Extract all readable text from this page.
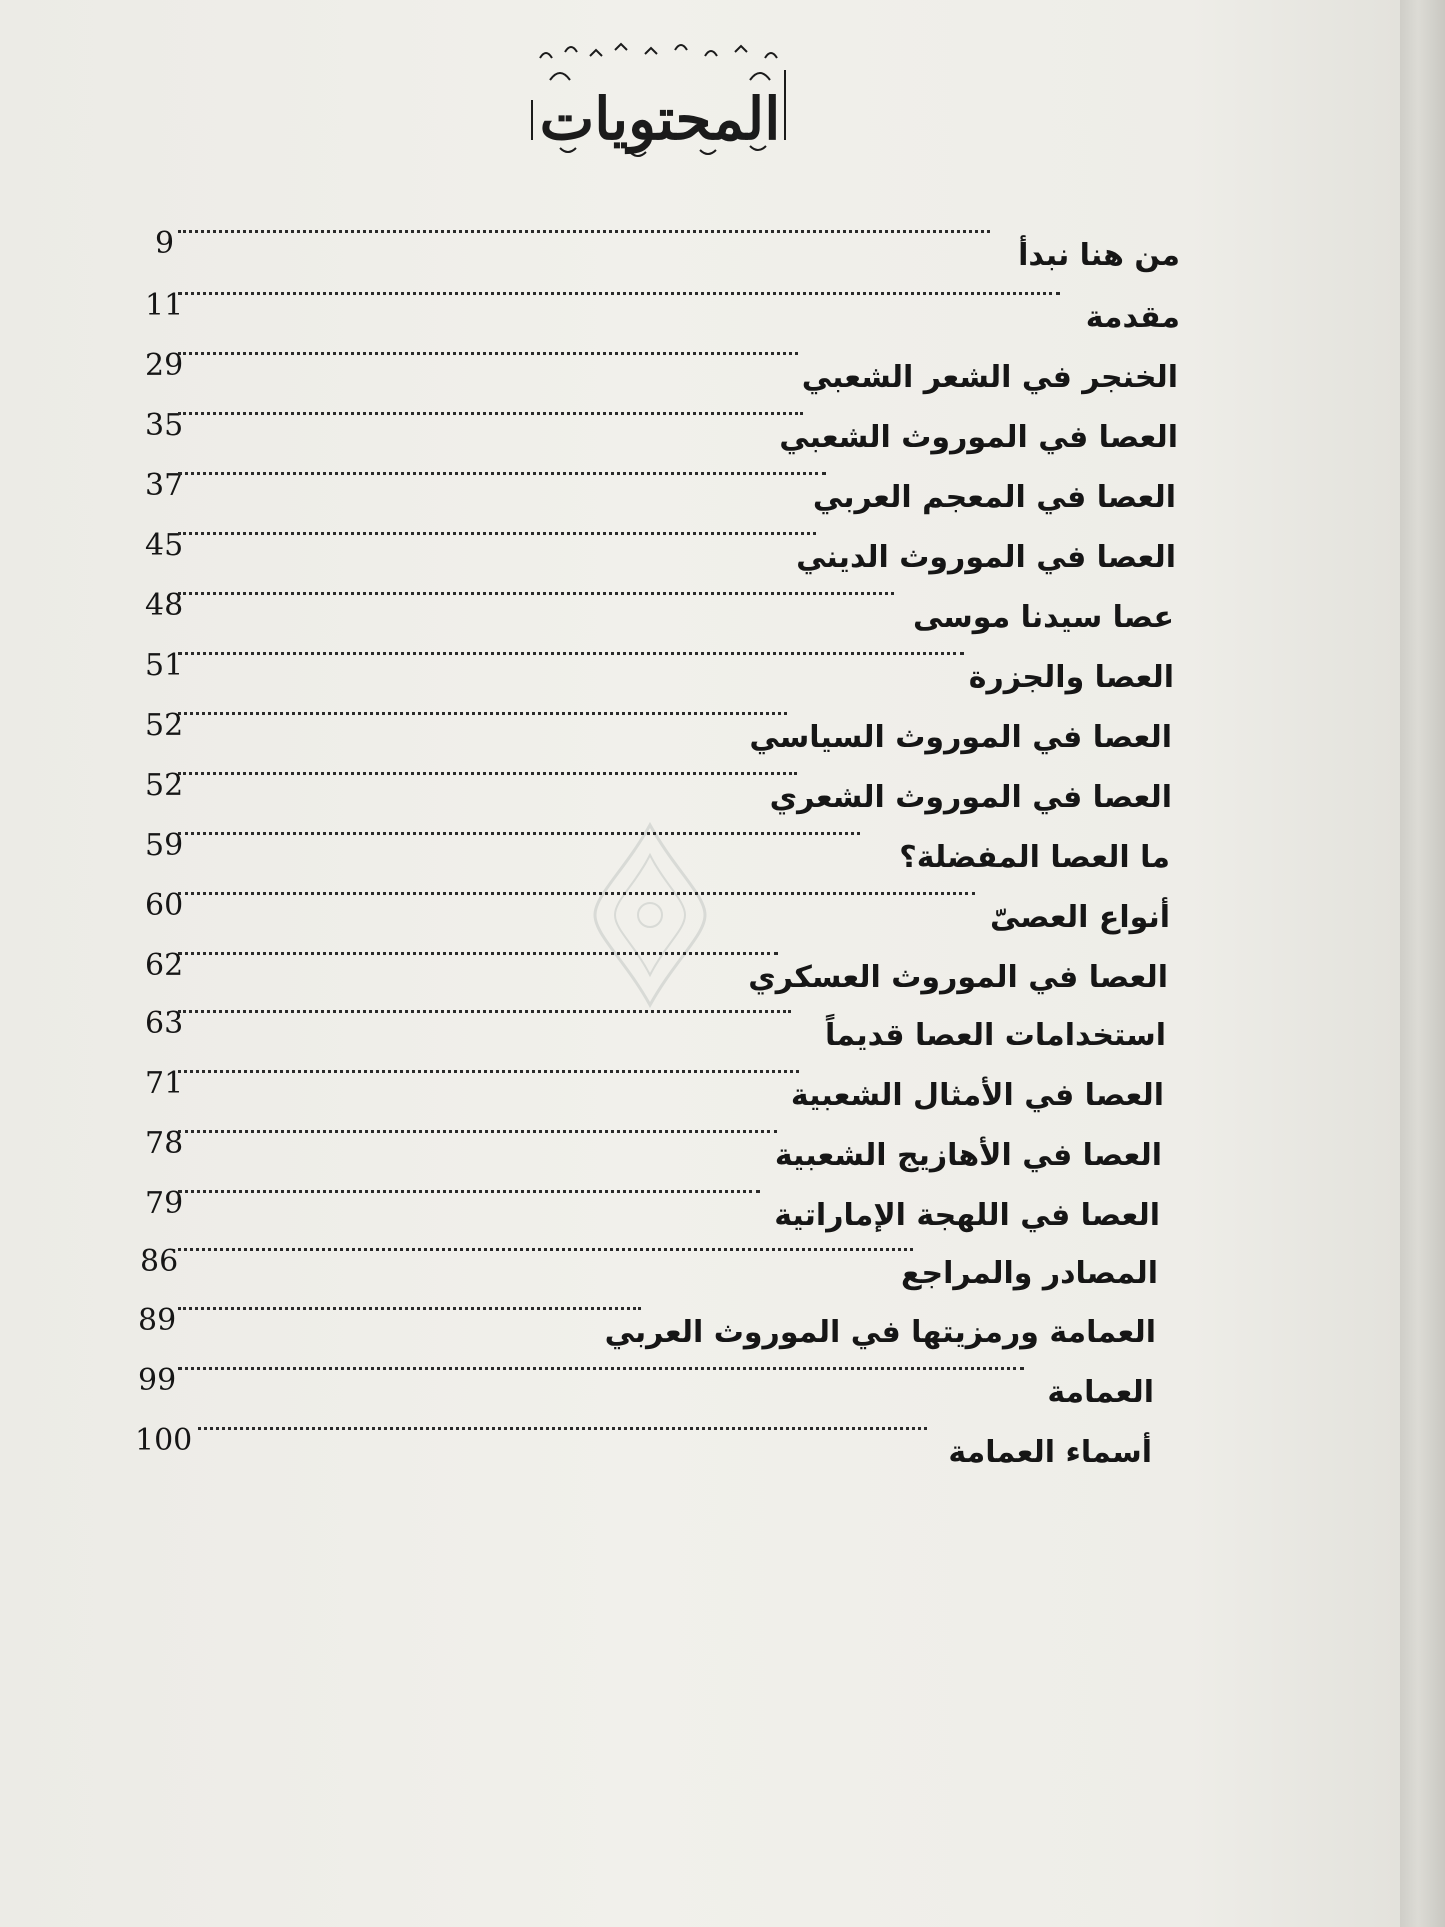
المحتويات
9	من هنا نبدأ
11	مقدمة
29	الخنجر في الشعر الشعبي
35	العصا في الموروث الشعبي
37	العصا في المعجم العربي
45	العصا في الموروث الديني
48	عصا سيدنا موسى
51	العصا والجزرة
52	العصا في الموروث السياسي
52	العصا في الموروث الشعري
59	ما العصا المفضلة؟
60	أنواع العصىّ
62	العصا في الموروث العسكري
63	استخدامات العصا قديماً
71	العصا في الأمثال الشعبية
78	العصا في الأهازيج الشعبية
79	العصا في اللهجة الإماراتية
86	المصادر والمراجع
89	العمامة ورمزيتها في الموروث العربي
99	العمامة
100	أسماء العمامة
